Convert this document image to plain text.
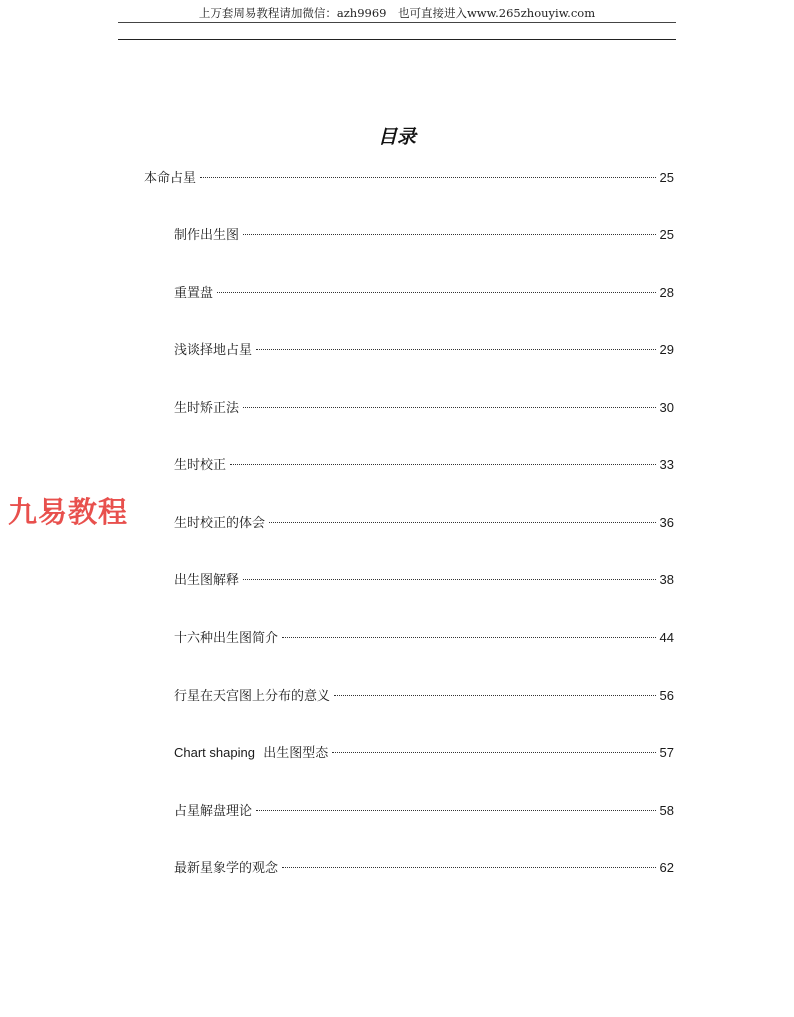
上万套周易教程请加微信：azh9969　也可直接进入www.265zhouyiw.com
目录
本命占星	25
制作出生图	25
重置盘	28
浅谈择地占星	29
生时矫正法	30
生时校正	33
生时校正的体会	36
出生图解释	38
十六种出生图简介	44
行星在天宫图上分布的意义	56
Chart shaping 出生图型态	57
占星解盘理论	58
最新星象学的观念	62
九易教程
